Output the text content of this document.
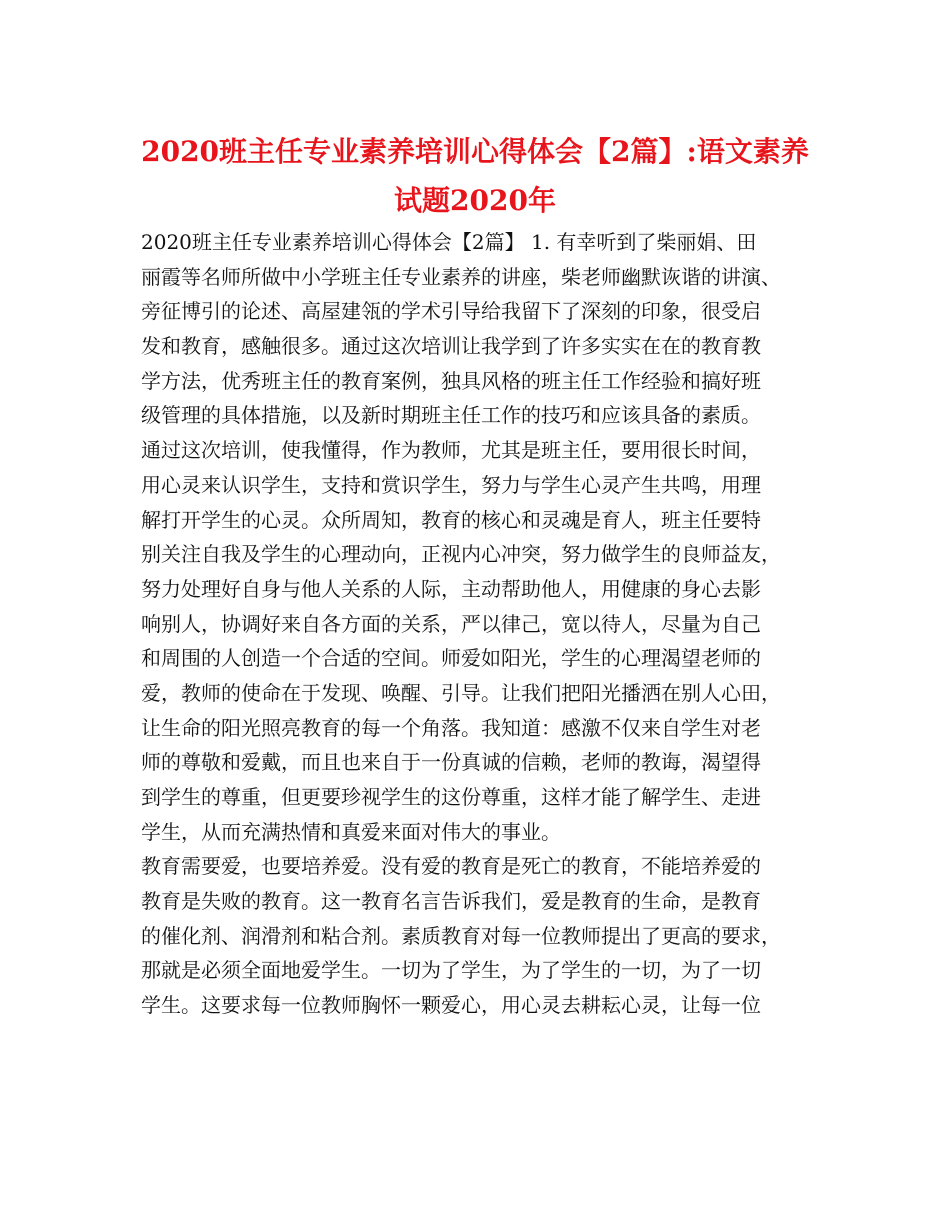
2020班主任专业素养培训心得体会【2篇】:语文素养
试题2020年
2020班主任专业素养培训心得体会【2篇】 1. 有幸听到了柴丽娟、田
丽霞等名师所做中小学班主任专业素养的讲座，柴老师幽默诙谐的讲演、
旁征博引的论述、高屋建瓴的学术引导给我留下了深刻的印象，很受启
发和教育，感触很多。通过这次培训让我学到了许多实实在在的教育教
学方法，优秀班主任的教育案例，独具风格的班主任工作经验和搞好班
级管理的具体措施，以及新时期班主任工作的技巧和应该具备的素质。
通过这次培训，使我懂得，作为教师，尤其是班主任，要用很长时间，
用心灵来认识学生，支持和赏识学生，努力与学生心灵产生共鸣，用理
解打开学生的心灵。众所周知，教育的核心和灵魂是育人，班主任要特
别关注自我及学生的心理动向，正视内心冲突，努力做学生的良师益友，
努力处理好自身与他人关系的人际，主动帮助他人，用健康的身心去影
响别人，协调好来自各方面的关系，严以律己，宽以待人，尽量为自己
和周围的人创造一个合适的空间。师爱如阳光，学生的心理渴望老师的
爱，教师的使命在于发现、唤醒、引导。让我们把阳光播洒在别人心田，
让生命的阳光照亮教育的每一个角落。我知道：感激不仅来自学生对老
师的尊敬和爱戴，而且也来自于一份真诚的信赖，老师的教诲，渴望得
到学生的尊重，但更要珍视学生的这份尊重，这样才能了解学生、走进
学生，从而充满热情和真爱来面对伟大的事业。
教育需要爱，也要培养爱。没有爱的教育是死亡的教育，不能培养爱的
教育是失败的教育。这一教育名言告诉我们，爱是教育的生命，是教育
的催化剂、润滑剂和粘合剂。素质教育对每一位教师提出了更高的要求，
那就是必须全面地爱学生。一切为了学生，为了学生的一切，为了一切
学生。这要求每一位教师胸怀一颗爱心，用心灵去耕耘心灵，让每一位
